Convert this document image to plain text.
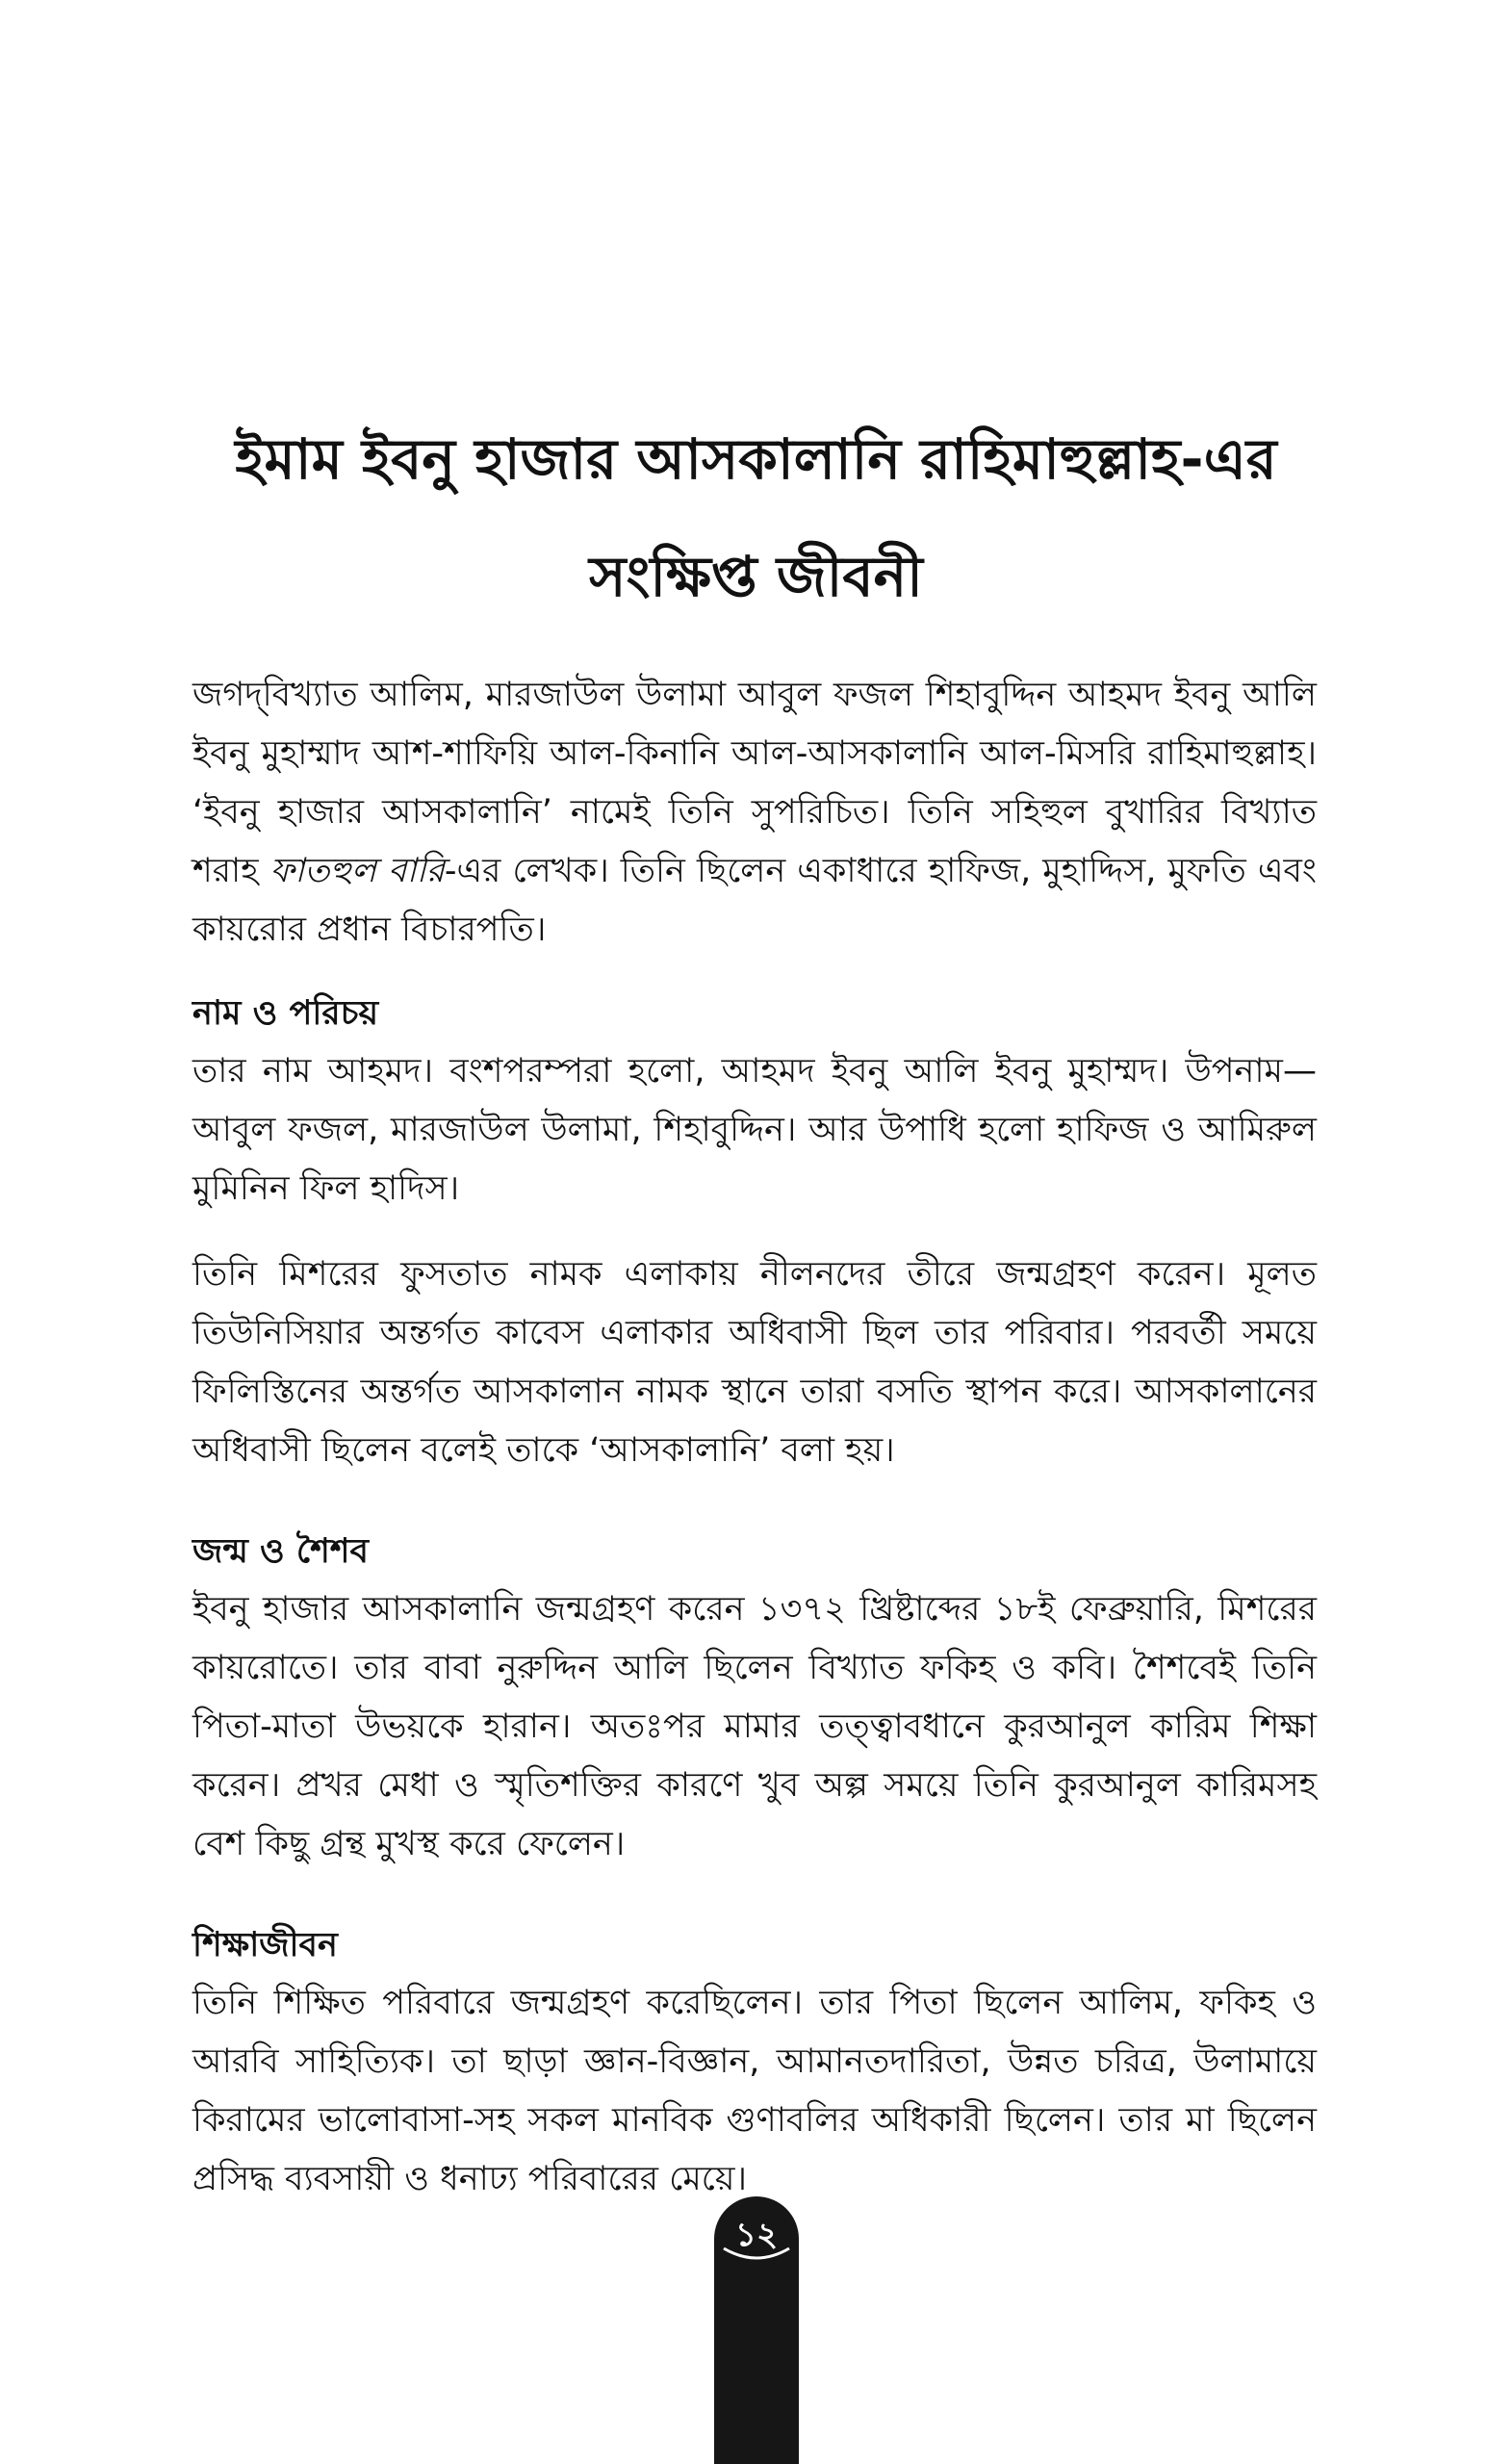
ইমাম ইবনু হাজার আসকালানি রাহিমাহুল্লাহ-এর
সংক্ষিপ্ত জীবনী

জগদ্‌বিখ্যাত আলিম, মারজাউল উলামা আবুল ফজল শিহাবুদ্দিন আহমদ ইবনু আলি ইবনু মুহাম্মাদ আশ-শাফিয়ি আল-কিনানি আল-আসকালানি আল-মিসরি রাহিমাহুল্লাহ। ‘ইবনু হাজার আসকালানি’ নামেই তিনি সুপরিচিত। তিনি সহিহুল বুখারির বিখ্যাত শরাহ ফাতহুল বারি-এর লেখক। তিনি ছিলেন একাধারে হাফিজ, মুহাদ্দিস, মুফতি এবং কায়রোর প্রধান বিচারপতি।

নাম ও পরিচয়

তার নাম আহমদ। বংশপরম্পরা হলো, আহমদ ইবনু আলি ইবনু মুহাম্মদ। উপনাম—আবুল ফজল, মারজাউল উলামা, শিহাবুদ্দিন। আর উপাধি হলো হাফিজ ও আমিরুল মুমিনিন ফিল হাদিস।

তিনি মিশরের ফুসতাত নামক এলাকায় নীলনদের তীরে জন্মগ্রহণ করেন। মূলত তিউনিসিয়ার অন্তর্গত কাবেস এলাকার অধিবাসী ছিল তার পরিবার। পরবর্তী সময়ে ফিলিস্তিনের অন্তর্গত আসকালান নামক স্থানে তারা বসতি স্থাপন করে। আসকালানের অধিবাসী ছিলেন বলেই তাকে ‘আসকালানি’ বলা হয়।

জন্ম ও শৈশব

ইবনু হাজার আসকালানি জন্মগ্রহণ করেন ১৩৭২ খ্রিষ্টাব্দের ১৮ই ফেব্রুয়ারি, মিশরের কায়রোতে। তার বাবা নুরুদ্দিন আলি ছিলেন বিখ্যাত ফকিহ ও কবি। শৈশবেই তিনি পিতা-মাতা উভয়কে হারান। অতঃপর মামার তত্ত্বাবধানে কুরআনুল কারিম শিক্ষা করেন। প্রখর মেধা ও স্মৃতিশক্তির কারণে খুব অল্প সময়ে তিনি কুরআনুল কারিমসহ বেশ কিছু গ্রন্থ মুখস্থ করে ফেলেন।

শিক্ষাজীবন

তিনি শিক্ষিত পরিবারে জন্মগ্রহণ করেছিলেন। তার পিতা ছিলেন আলিম, ফকিহ ও আরবি সাহিত্যিক। তা ছাড়া জ্ঞান-বিজ্ঞান, আমানতদারিতা, উন্নত চরিত্র, উলামায়ে কিরামের ভালোবাসা-সহ সকল মানবিক গুণাবলির অধিকারী ছিলেন। তার মা ছিলেন প্রসিদ্ধ ব্যবসায়ী ও ধনাঢ্য পরিবারের মেয়ে।

১২
